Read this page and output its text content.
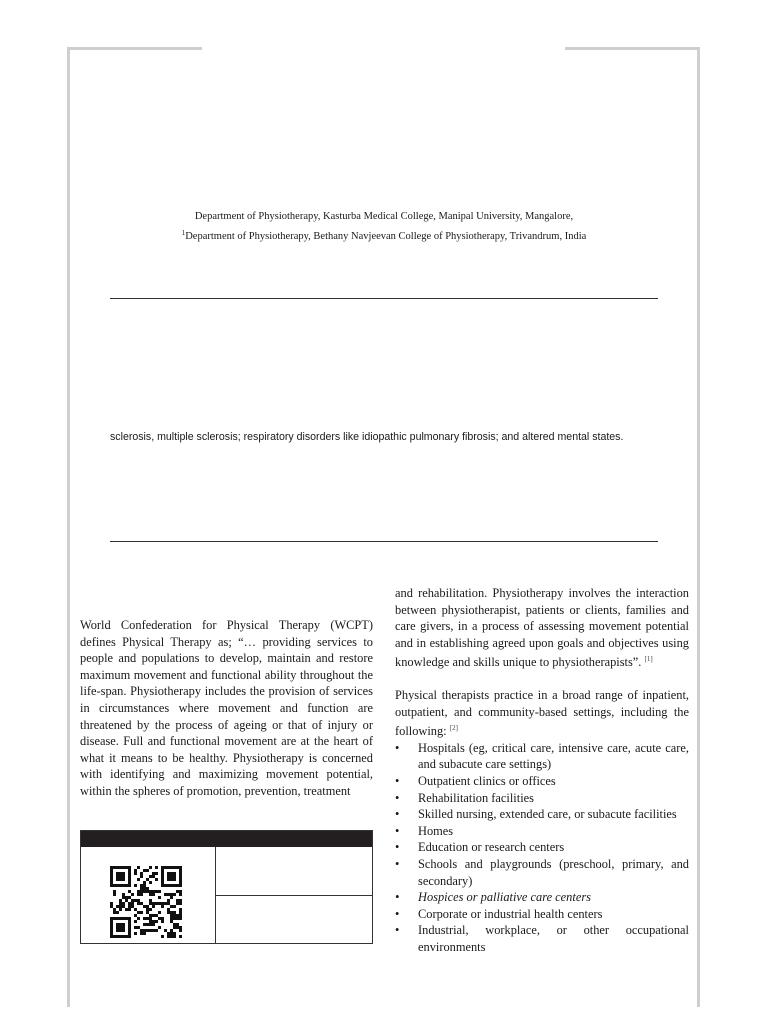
Department of Physiotherapy, Kasturba Medical College, Manipal University, Mangalore,
$^1$Department of Physiotherapy, Bethany Navjeevan College of Physiotherapy, Trivandrum, India
sclerosis, multiple sclerosis; respiratory disorders like idiopathic pulmonary fibrosis; and altered mental states.

World Confederation for Physical Therapy (WCPT) defines Physical Therapy as; “… providing services to people and populations to develop, maintain and restore maximum movement and functional ability throughout the life-span. Physiotherapy includes the provision of services in circumstances where movement and function are threatened by the process of ageing or that of injury or disease. Full and functional movement are at the heart of what it means to be healthy. Physiotherapy is concerned with identifying and maximizing movement potential, within the spheres of promotion, prevention, treatment

and rehabilitation. Physiotherapy involves the interaction between physiotherapist, patients or clients, families and care givers, in a process of assessing movement potential and in establishing agreed upon goals and objectives using knowledge and skills unique to physiotherapists”. [1]

Physical therapists practice in a broad range of inpatient, outpatient, and community-based settings, including the following: [2]

• Hospitals (eg, critical care, intensive care, acute care, and subacute care settings)
• Outpatient clinics or offices
• Rehabilitation facilities
• Skilled nursing, extended care, or subacute facilities
• Homes
• Education or research centers
• Schools and playgrounds (preschool, primary, and secondary)
• Hospices or palliative care centers
• Corporate or industrial health centers
• Industrial, workplace, or other occupational environments
